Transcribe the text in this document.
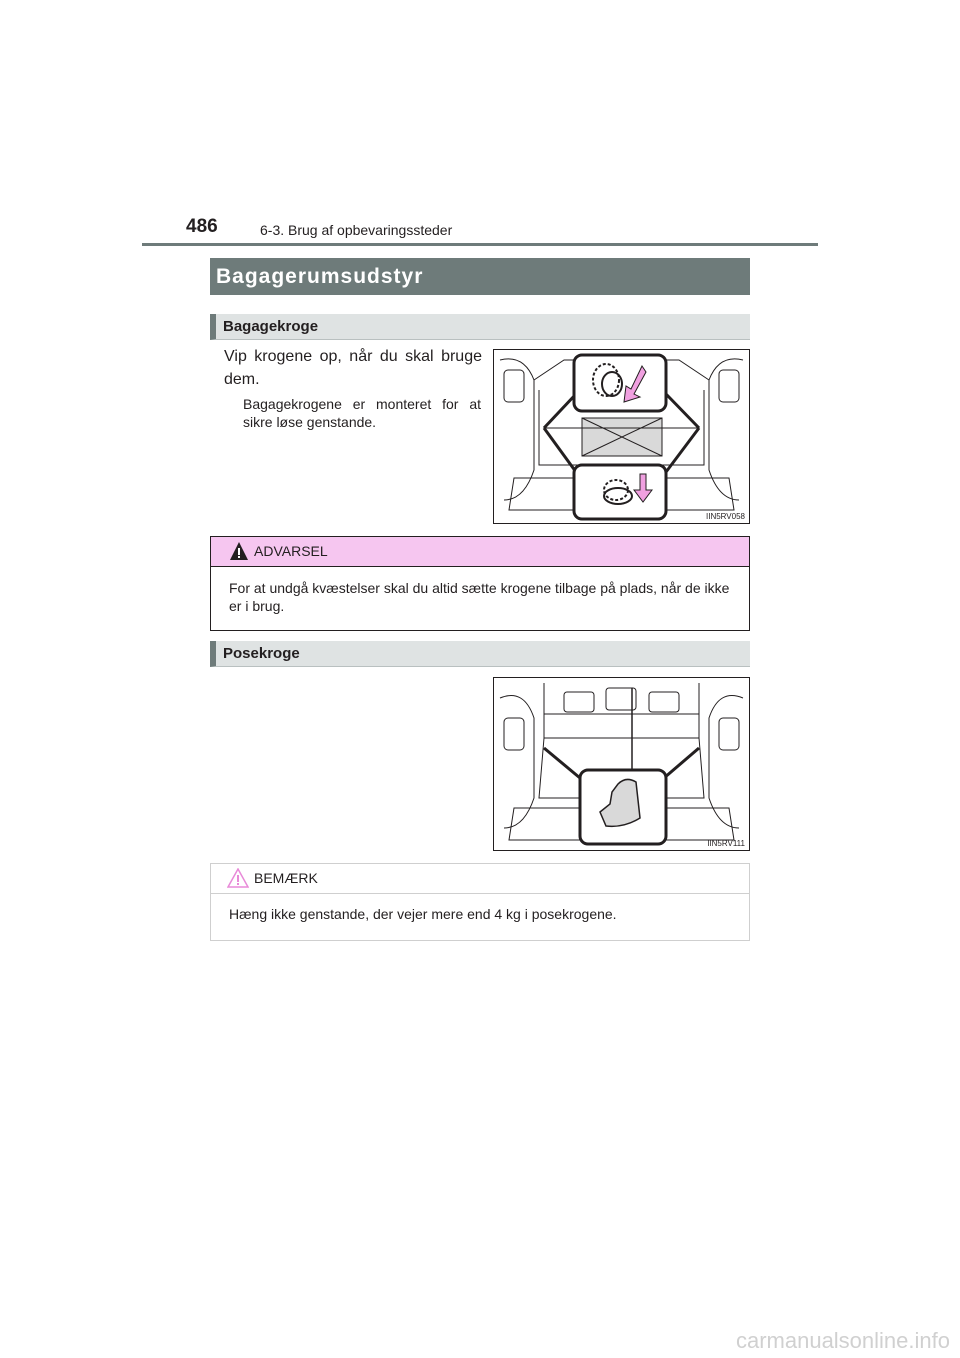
486	6-3. Brug af opbevaringssteder
Bagagerumsudstyr
Bagagekroge
Vip krogene op, når du skal bruge dem.
Bagagekrogene er monteret for at sikre løse genstande.
IIN5RV058
ADVARSEL
For at undgå kvæstelser skal du altid sætte krogene tilbage på plads, når de ikke er i brug.
Posekroge
IIN5RV111
BEMÆRK
Hæng ikke genstande, der vejer mere end 4 kg i posekrogene.
carmanualsonline.info
